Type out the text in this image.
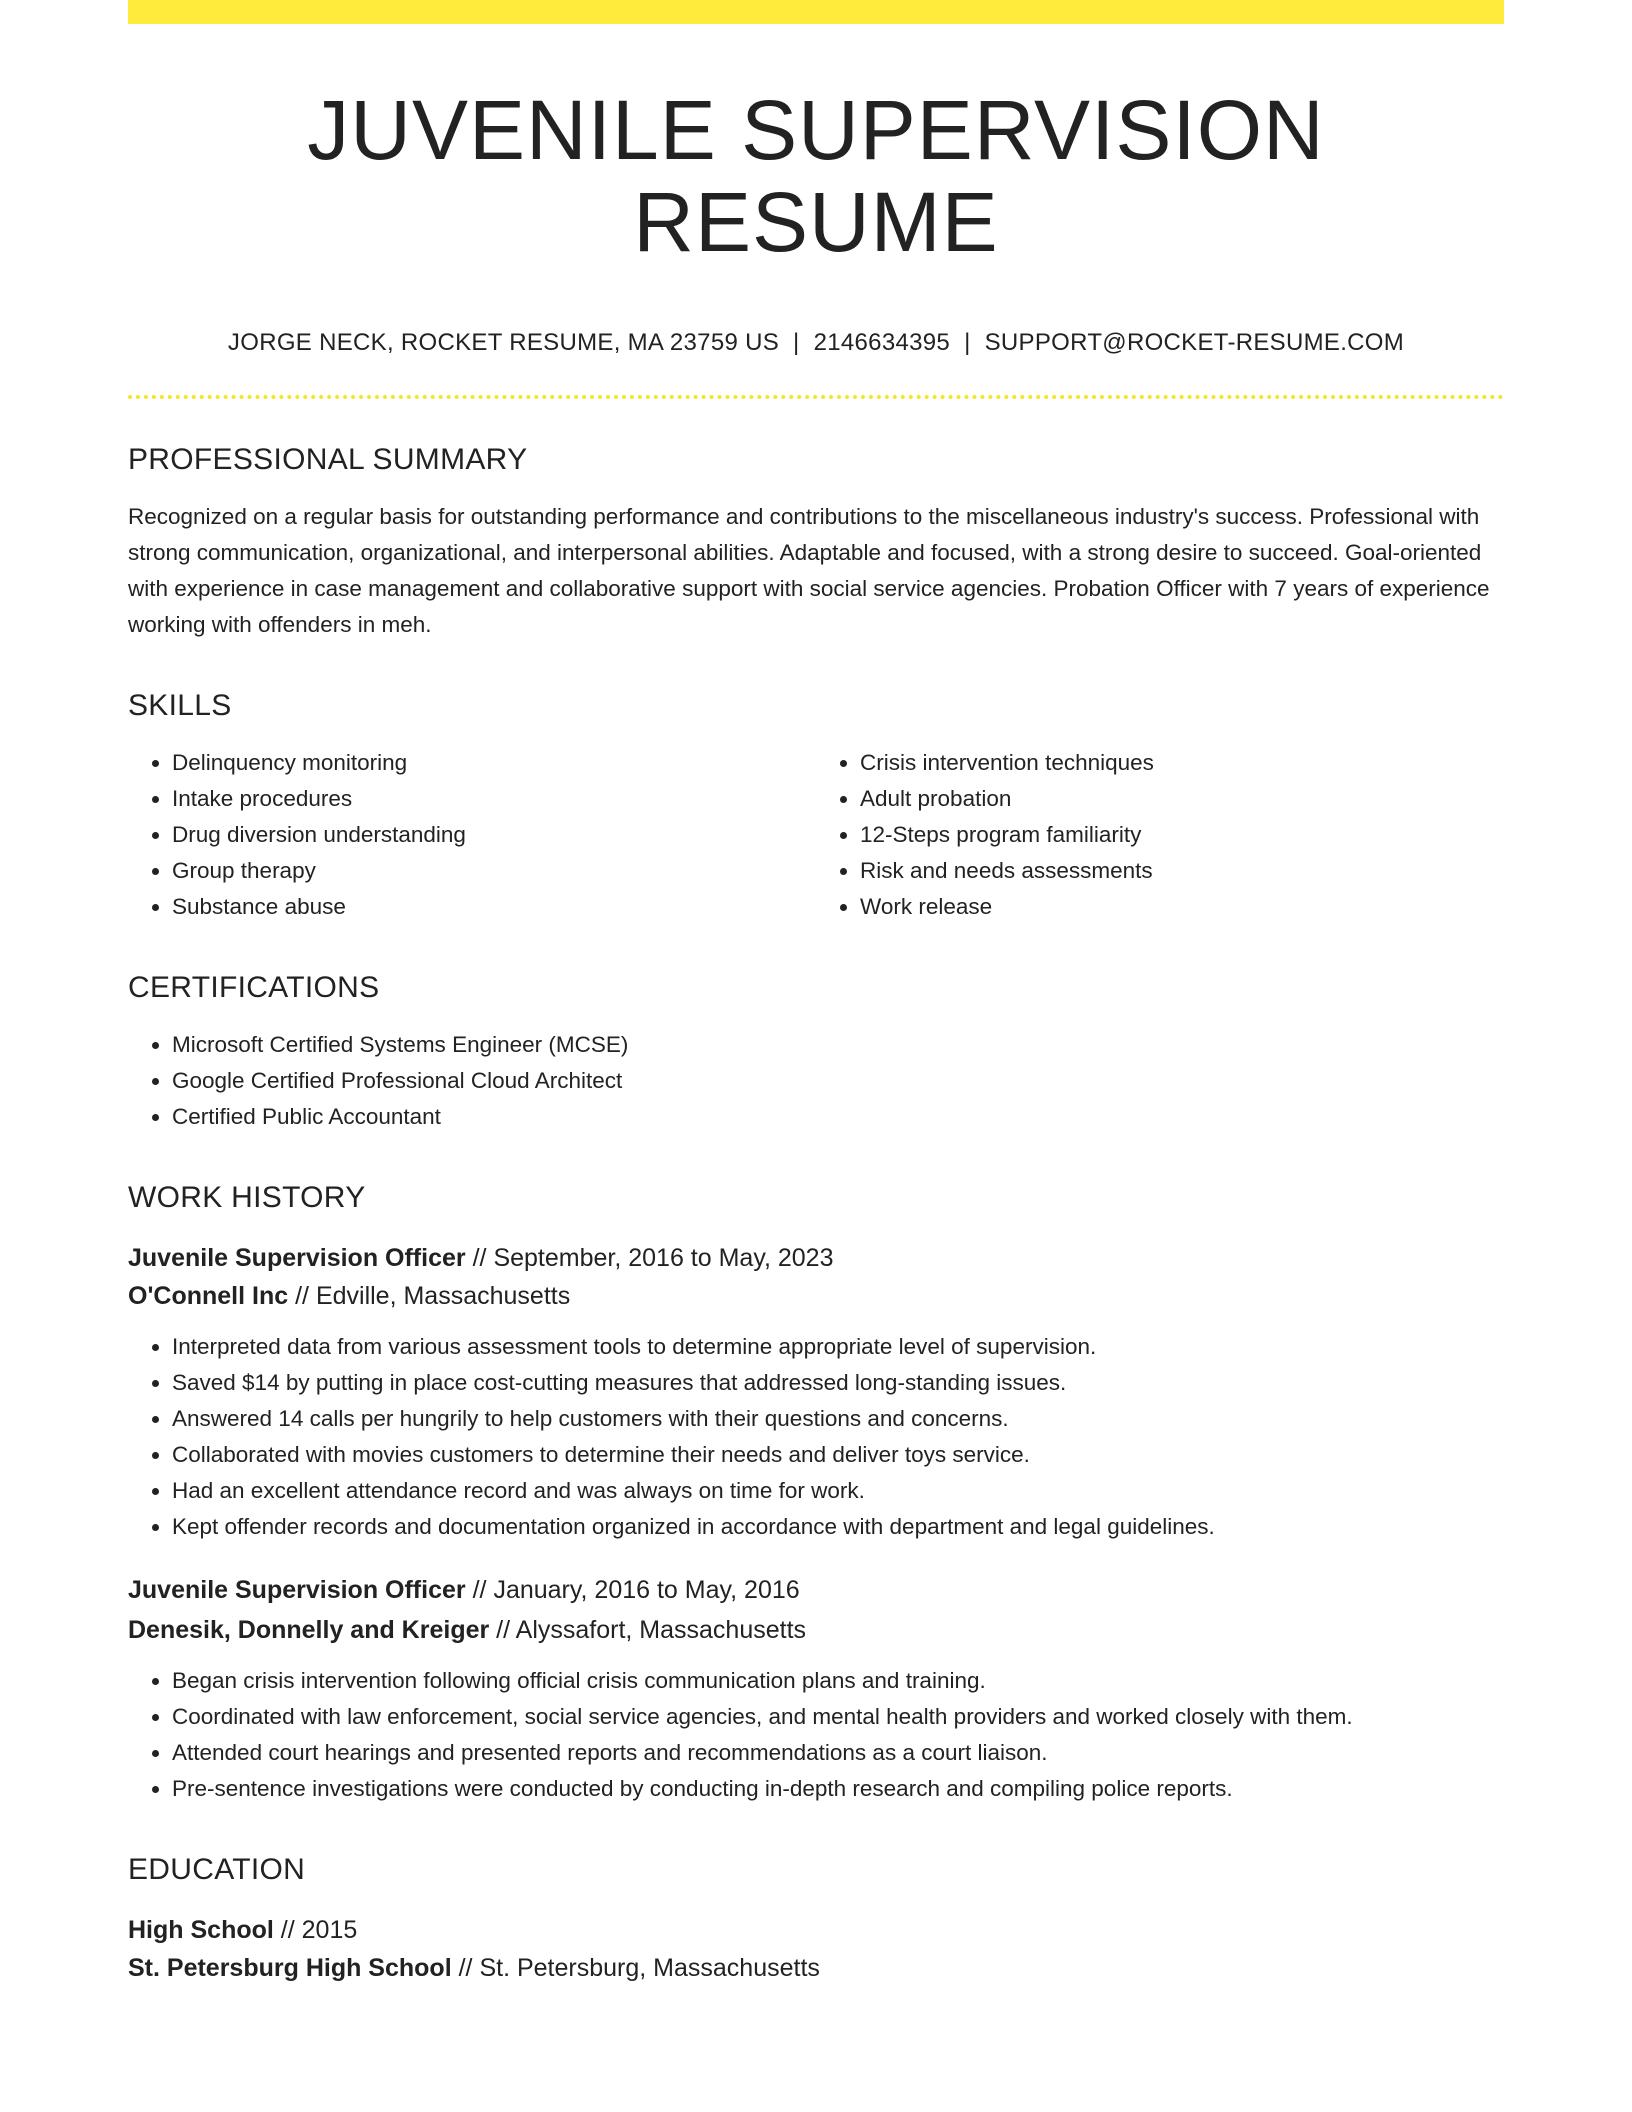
JUVENILE SUPERVISION RESUME
JORGE NECK, ROCKET RESUME, MA 23759 US | 2146634395 | SUPPORT@ROCKET-RESUME.COM
PROFESSIONAL SUMMARY

Recognized on a regular basis for outstanding performance and contributions to the miscellaneous industry's success. Professional with strong communication, organizational, and interpersonal abilities. Adaptable and focused, with a strong desire to succeed. Goal-oriented with experience in case management and collaborative support with social service agencies. Probation Officer with 7 years of experience working with offenders in meh.

SKILLS
• Delinquency monitoring
• Intake procedures
• Drug diversion understanding
• Group therapy
• Substance abuse
• Crisis intervention techniques
• Adult probation
• 12-Steps program familiarity
• Risk and needs assessments
• Work release
CERTIFICATIONS
• Microsoft Certified Systems Engineer (MCSE)
• Google Certified Professional Cloud Architect
• Certified Public Accountant
WORK HISTORY
Juvenile Supervision Officer // September, 2016 to May, 2023
O'Connell Inc // Edville, Massachusetts
• Interpreted data from various assessment tools to determine appropriate level of supervision.
• Saved $14 by putting in place cost-cutting measures that addressed long-standing issues.
• Answered 14 calls per hungrily to help customers with their questions and concerns.
• Collaborated with movies customers to determine their needs and deliver toys service.
• Had an excellent attendance record and was always on time for work.
• Kept offender records and documentation organized in accordance with department and legal guidelines.
Juvenile Supervision Officer // January, 2016 to May, 2016
Denesik, Donnelly and Kreiger // Alyssafort, Massachusetts
• Began crisis intervention following official crisis communication plans and training.
• Coordinated with law enforcement, social service agencies, and mental health providers and worked closely with them.
• Attended court hearings and presented reports and recommendations as a court liaison.
• Pre-sentence investigations were conducted by conducting in-depth research and compiling police reports.
EDUCATION
High School // 2015
St. Petersburg High School // St. Petersburg, Massachusetts
